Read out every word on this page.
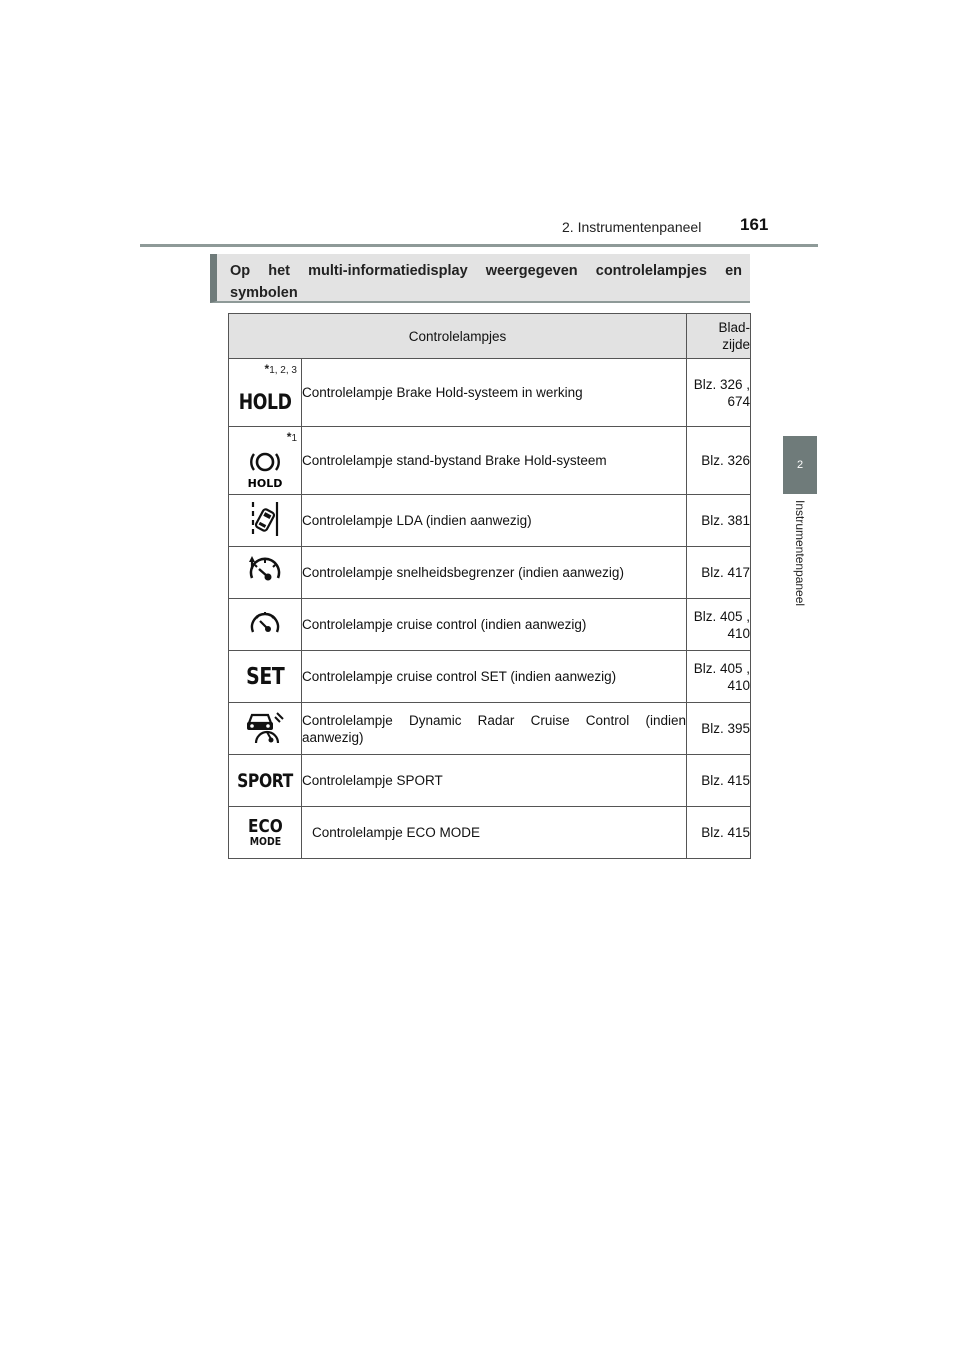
2. Instrumentenpaneel 161
2
Instrumentenpaneel
Op het multi-informatiedisplay weergegeven controlelampjes en symbolen
Controlelampjes		Blad- zijde

*1, 2, 3
HOLD	Controlelampje Brake Hold-systeem in werking	Blz. 326 , 674

*1
HOLD	Controlelampje stand-bystand Brake Hold-systeem	Blz. 326
	Controlelampje LDA (indien aanwezig)	Blz. 381
	Controlelampje snelheidsbegrenzer (indien aanwezig)	Blz. 417
	Controlelampje cruise control (indien aanwezig)	Blz. 405 , 410
SET	Controlelampje cruise control SET (indien aanwezig)	Blz. 405 , 410
	Controlelampje Dynamic Radar Cruise Control (indien aanwezig)	Blz. 395
SPORT	Controlelampje SPORT	Blz. 415

ECO
MODE	Controlelampje ECO MODE	Blz. 415
